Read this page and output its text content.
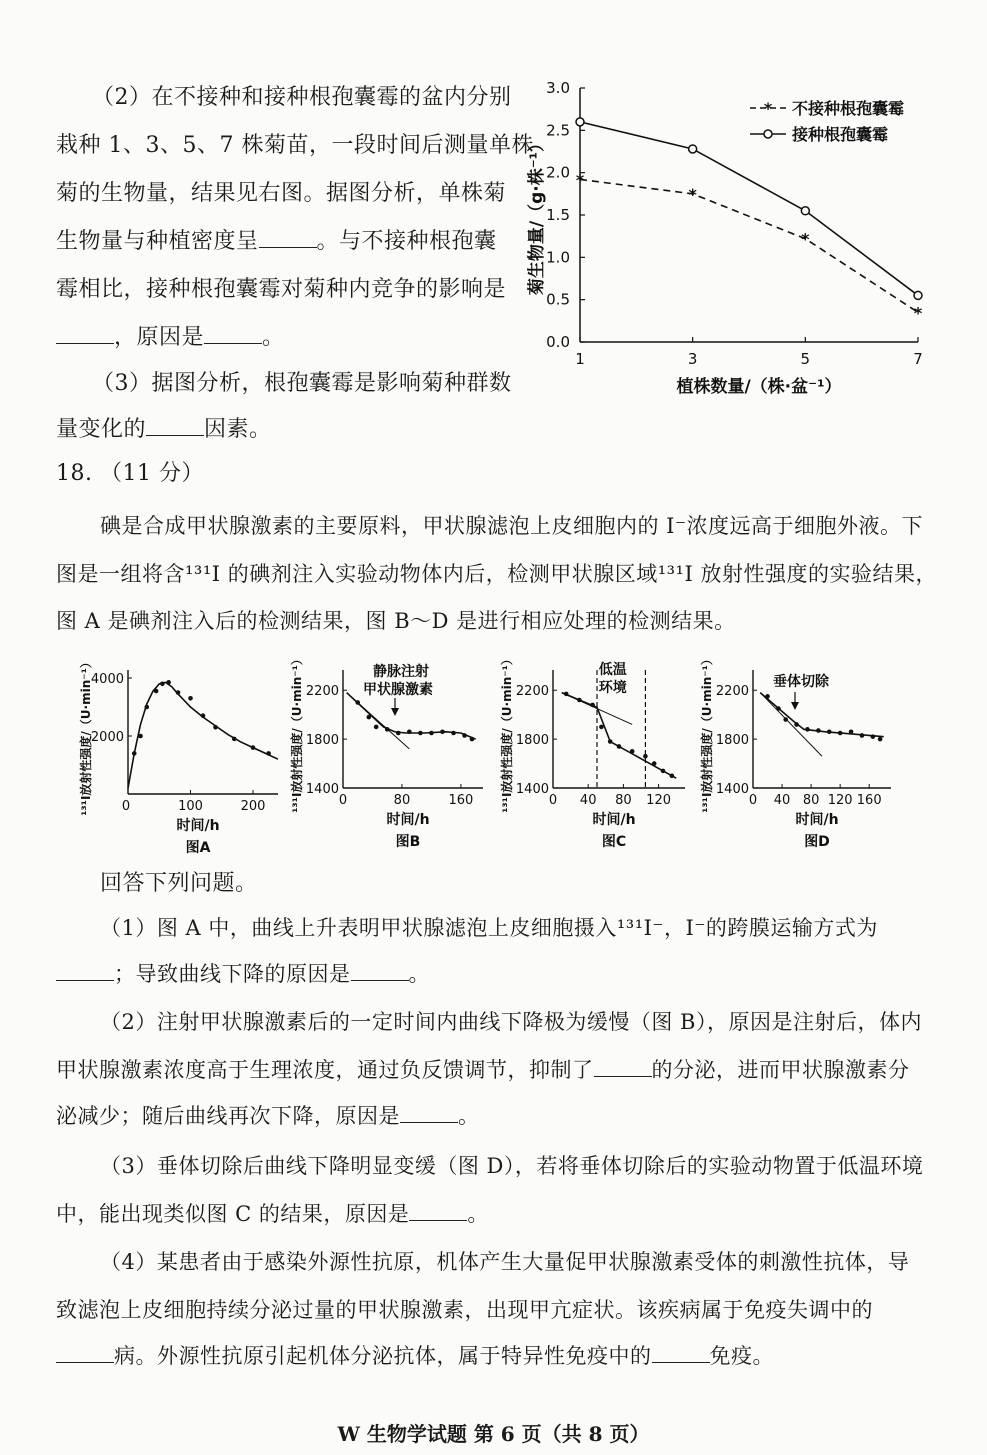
（2）在不接种和接种根孢囊霉的盆内分别
栽种 1、3、5、7 株菊苗，一段时间后测量单株
菊的生物量，结果见右图。据图分析，单株菊
生物量与种植密度呈	。与不接种根孢囊
霉相比，接种根孢囊霉对菊种内竞争的影响是
，原因是	。
（3）据图分析，根孢囊霉是影响菊种群数
量变化的	因素。
0.0
0.5
1.0
1.5
2.0
2.5
3.0
1	3	5	7
植株数量/（株·盆⁻¹）
菊生物量/（g·株⁻¹） *
*
*
*
* 不接种根孢囊霉
接种根孢囊霉
18. （11 分）
碘是合成甲状腺激素的主要原料，甲状腺滤泡上皮细胞内的 I⁻浓度远高于细胞外液。下
图是一组将含¹³¹I 的碘剂注入实验动物体内后，检测甲状腺区域¹³¹I 放射性强度的实验结果，
图 A 是碘剂注入后的检测结果，图 B～D 是进行相应处理的检测结果。
2000
4000
0	100	200
时间/h
图A
¹³¹I放射性强度/（U·min⁻¹）	1400
1800
2200
0	80	160
时间/h
图B
¹³¹I放射性强度/（U·min⁻¹）	静脉注射
甲状腺激素
1400
1800
2200
0 40 80 120
时间/h
图C
¹³¹I放射性强度/（U·min⁻¹）	低温
环境
1400
1800
2200
0 40 80 120 160
时间/h
图D
¹³¹I放射性强度/（U·min⁻¹）	垂体切除
回答下列问题。
（1）图 A 中，曲线上升表明甲状腺滤泡上皮细胞摄入¹³¹I⁻，I⁻的跨膜运输方式为
；导致曲线下降的原因是	。
（2）注射甲状腺激素后的一定时间内曲线下降极为缓慢（图 B），原因是注射后，体内
甲状腺激素浓度高于生理浓度，通过负反馈调节，抑制了	的分泌，进而甲状腺激素分
泌减少；随后曲线再次下降，原因是	。
（3）垂体切除后曲线下降明显变缓（图 D），若将垂体切除后的实验动物置于低温环境
中，能出现类似图 C 的结果，原因是	。
（4）某患者由于感染外源性抗原，机体产生大量促甲状腺激素受体的刺激性抗体，导
致滤泡上皮细胞持续分泌过量的甲状腺激素，出现甲亢症状。该疾病属于免疫失调中的
病。外源性抗原引起机体分泌抗体，属于特异性免疫中的	免疫。
W 生物学试题 第 6 页（共 8 页）
